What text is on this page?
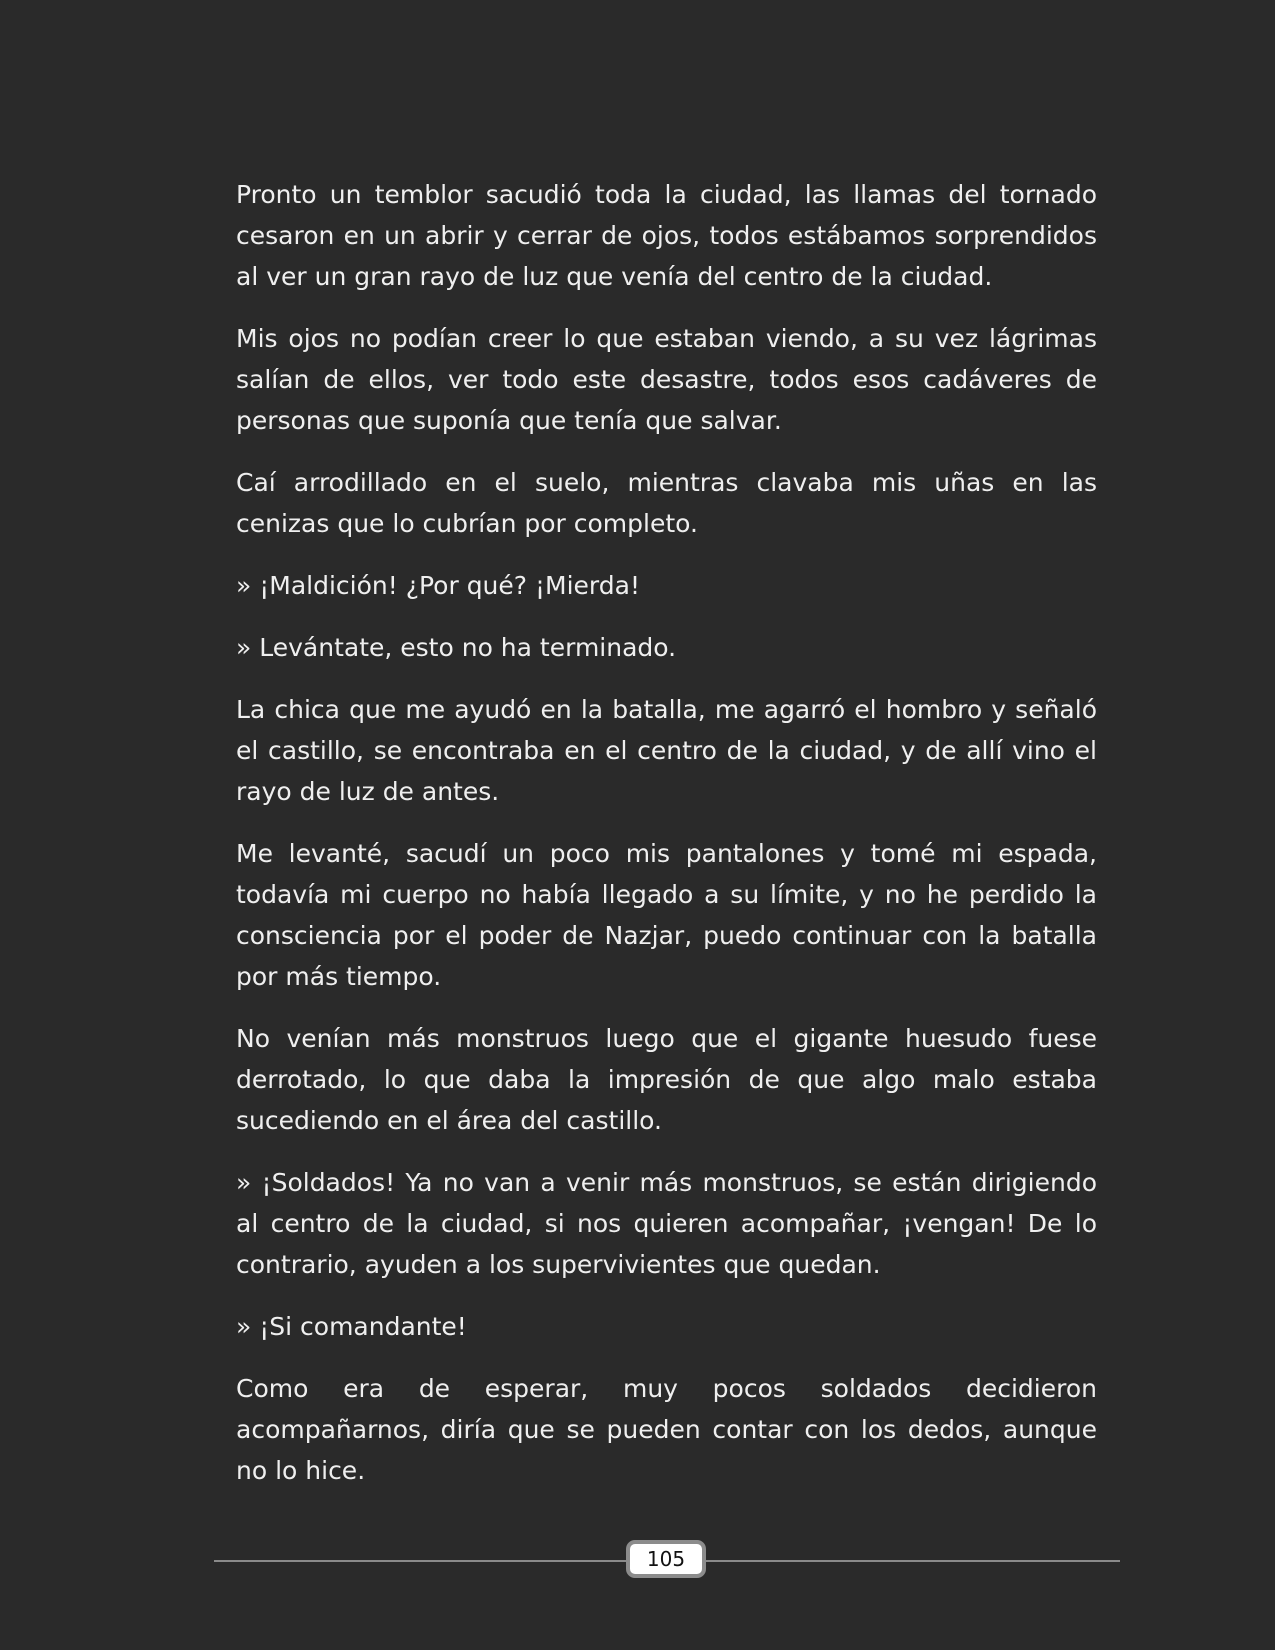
Pronto un temblor sacudió toda la ciudad, las llamas del tornado cesaron en un abrir y cerrar de ojos, todos estábamos sorprendidos al ver un gran rayo de luz que venía del centro de la ciudad.

Mis ojos no podían creer lo que estaban viendo, a su vez lágrimas salían de ellos, ver todo este desastre, todos esos cadáveres de personas que suponía que tenía que salvar.

Caí arrodillado en el suelo, mientras clavaba mis uñas en las cenizas que lo cubrían por completo.

» ¡Maldición! ¿Por qué? ¡Mierda!

» Levántate, esto no ha terminado.

La chica que me ayudó en la batalla, me agarró el hombro y señaló el castillo, se encontraba en el centro de la ciudad, y de allí vino el rayo de luz de antes.

Me levanté, sacudí un poco mis pantalones y tomé mi espada, todavía mi cuerpo no había llegado a su límite, y no he perdido la consciencia por el poder de Nazjar, puedo continuar con la batalla por más tiempo.

No venían más monstruos luego que el gigante huesudo fuese derrotado, lo que daba la impresión de que algo malo estaba sucediendo en el área del castillo.

» ¡Soldados! Ya no van a venir más monstruos, se están dirigiendo al centro de la ciudad, si nos quieren acompañar, ¡vengan! De lo contrario, ayuden a los supervivientes que quedan.

» ¡Si comandante!

Como era de esperar, muy pocos soldados decidieron acompañarnos, diría que se pueden contar con los dedos, aunque no lo hice.

105
